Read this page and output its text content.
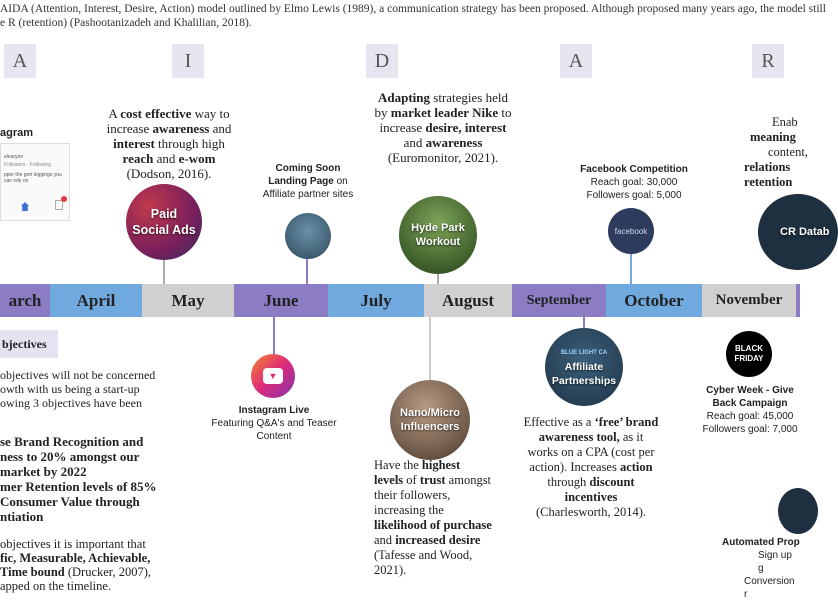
AIDA (Attention, Interest, Desire, Action) model outlined by Elmo Lewis (1989), a communication strategy has been proposed. Although proposed many years ago, the model still
e R (retention) (Pashootanizadeh and Khalilian, 2018).
A	I	D	A	R
arch	April	May	June	July	August	September	October	November
agram
elearyon
Followers · Following
pper the gret leggings you can rely on
bjectives
objectives will not be concerned
owth with us being a start-up
owing 3 objectives have been
se Brand Recognition and
ness to 20% amongst our
market by 2022
mer Retention levels of 85%
Consumer Value through
ntiation
objectives it is important that
fic, Measurable, Achievable,
Time bound (Drucker, 2007),
apped on the timeline.
A cost effective way to increase awareness and interest through high reach and e-wom
(Dodson, 2016).
Paid Social Ads
Coming Soon Landing Page on Affiliate partner sites
▼
Instagram Live
Featuring Q&A's and Teaser Content
Adapting strategies held by market leader Nike to increase desire, interest and awareness
(Euromonitor, 2021).
Hyde Park Workout
Nano/Micro Influencers
Have the highest levels of trust amongst their followers, increasing the likelihood of purchase and increased desire
(Tafesse and Wood, 2021).
BLUE LIGHT CA
Affiliate Partnerships
Effective as a ‘free’ brand awareness tool, as it works on a CPA (cost per action). Increases action through discount incentives
(Charlesworth, 2014).
Facebook Competition
Reach goal: 30,000
Followers goal: 5,000
facebook
BLACK FRIDAY
Cyber Week - Give Back Campaign
Reach goal: 45,000
Followers goal: 7,000
Enab
meaning
content,
relations
retention
CR Datab
Automated Prop
Sign up g
Conversion r
